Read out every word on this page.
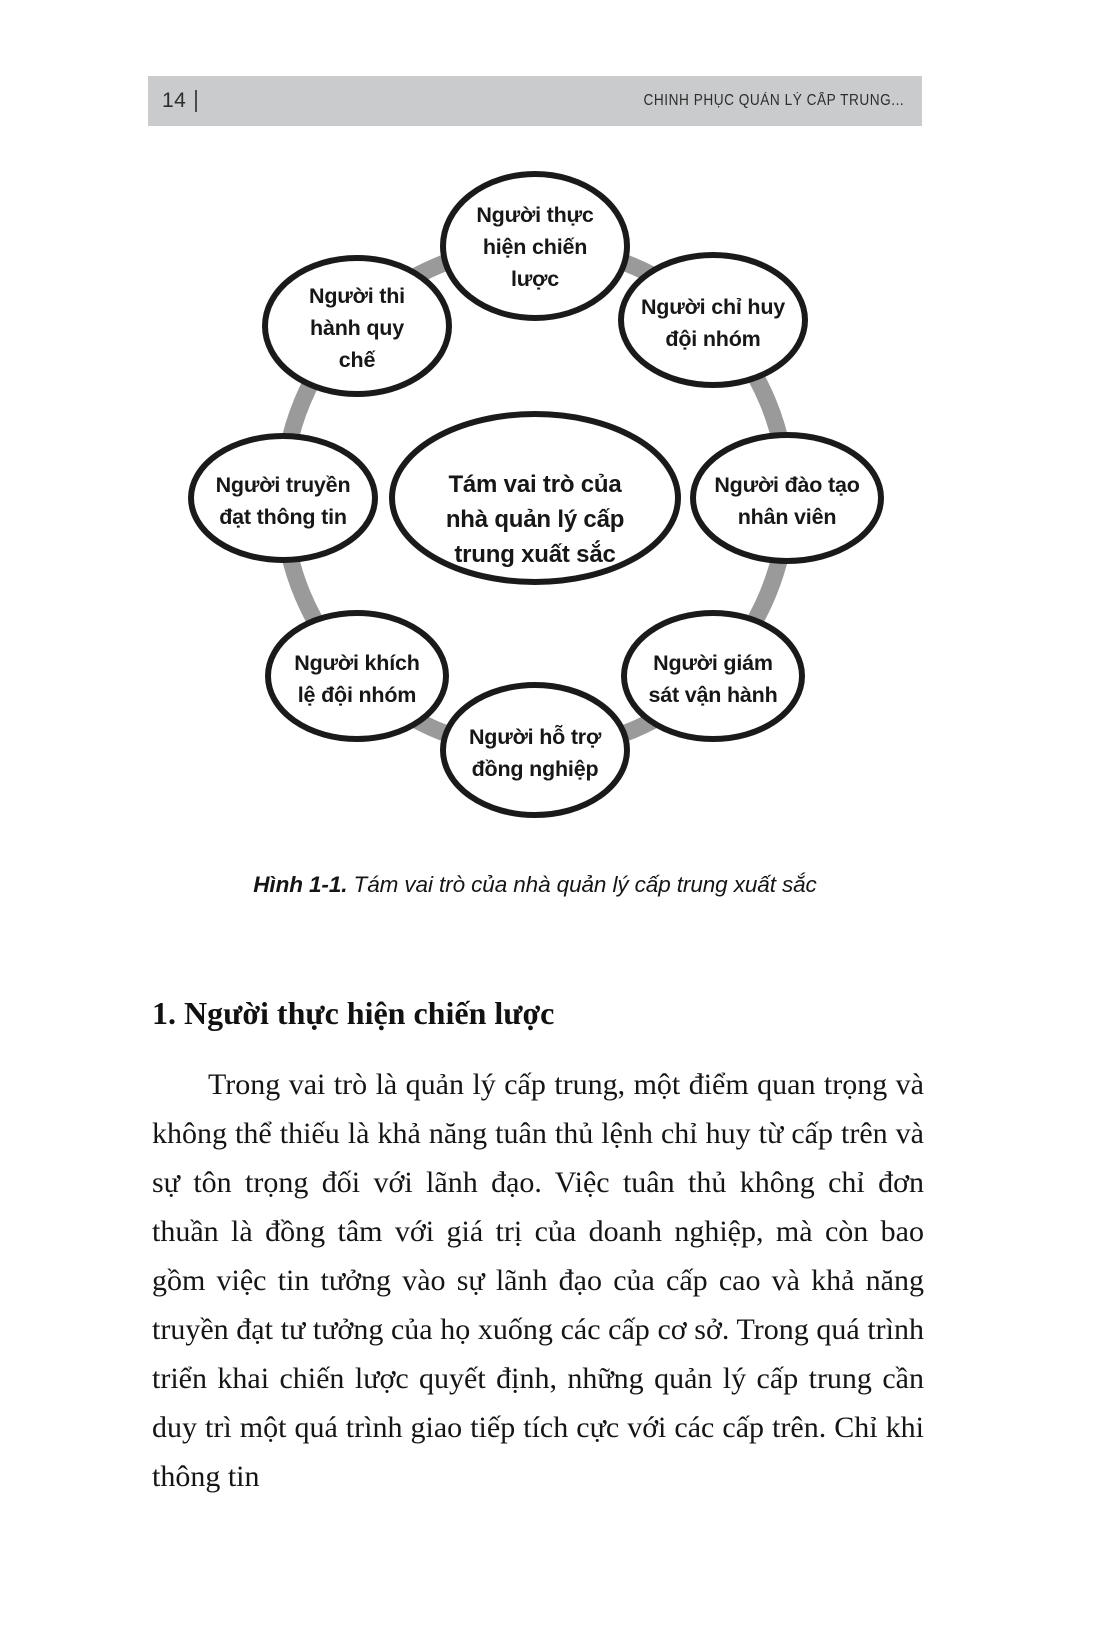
14	CHINH PHỤC QUẢN LÝ CẤP TRUNG...
Tám vai trò của
nhà quản lý cấp
trung xuất sắc
Người thực
hiện chiến
lược
Người chỉ huy
đội nhóm
Người đào tạo
nhân viên
Người giám
sát vận hành
Người hỗ trợ
đồng nghiệp
Người khích
lệ đội nhóm
Người truyền
đạt thông tin
Người thi
hành quy
chế
Hình 1-1. Tám vai trò của nhà quản lý cấp trung xuất sắc
1. Người thực hiện chiến lược

Trong vai trò là quản lý cấp trung, một điểm quan trọng và không thể thiếu là khả năng tuân thủ lệnh chỉ huy từ cấp trên và sự tôn trọng đối với lãnh đạo. Việc tuân thủ không chỉ đơn thuần là đồng tâm với giá trị của doanh nghiệp, mà còn bao gồm việc tin tưởng vào sự lãnh đạo của cấp cao và khả năng truyền đạt tư tưởng của họ xuống các cấp cơ sở. Trong quá trình triển khai chiến lược quyết định, những quản lý cấp trung cần duy trì một quá trình giao tiếp tích cực với các cấp trên. Chỉ khi thông tin
